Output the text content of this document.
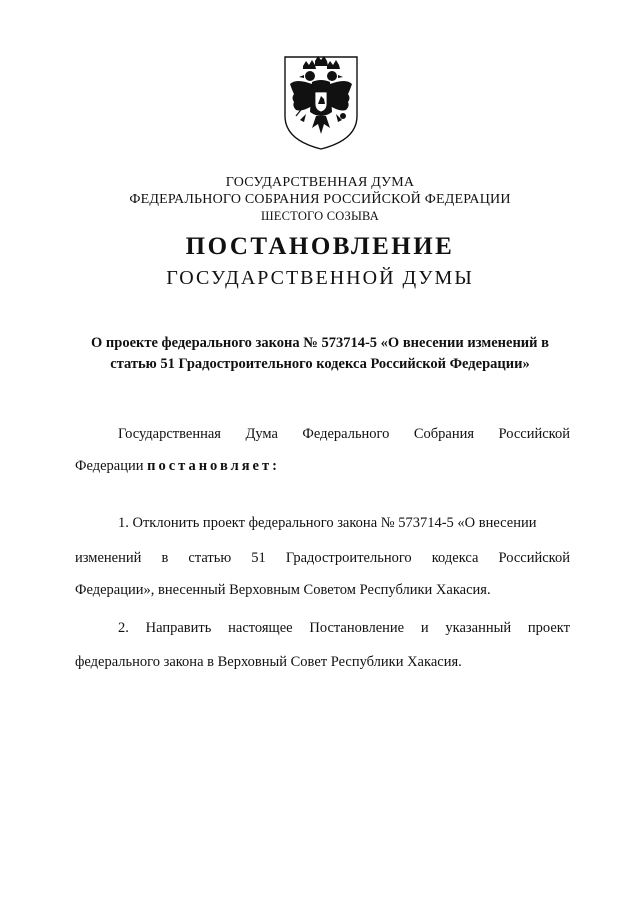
ГОСУДАРСТВЕННАЯ ДУМА
ФЕДЕРАЛЬНОГО СОБРАНИЯ РОССИЙСКОЙ ФЕДЕРАЦИИ
ШЕСТОГО СОЗЫВА
ПОСТАНОВЛЕНИЕ
ГОСУДАРСТВЕННОЙ ДУМЫ
О проекте федерального закона № 573714-5 «О внесении изменений в
статью 51 Градостроительного кодекса Российской Федерации»
Государственная Дума Федерального Собрания Российской
Федерации постановляет:
1. Отклонить проект федерального закона № 573714-5 «О внесении
изменений в статью 51 Градостроительного кодекса Российской
Федерации», внесенный Верховным Советом Республики Хакасия.
2. Направить настоящее Постановление и указанный проект
федерального закона в Верховный Совет Республики Хакасия.
